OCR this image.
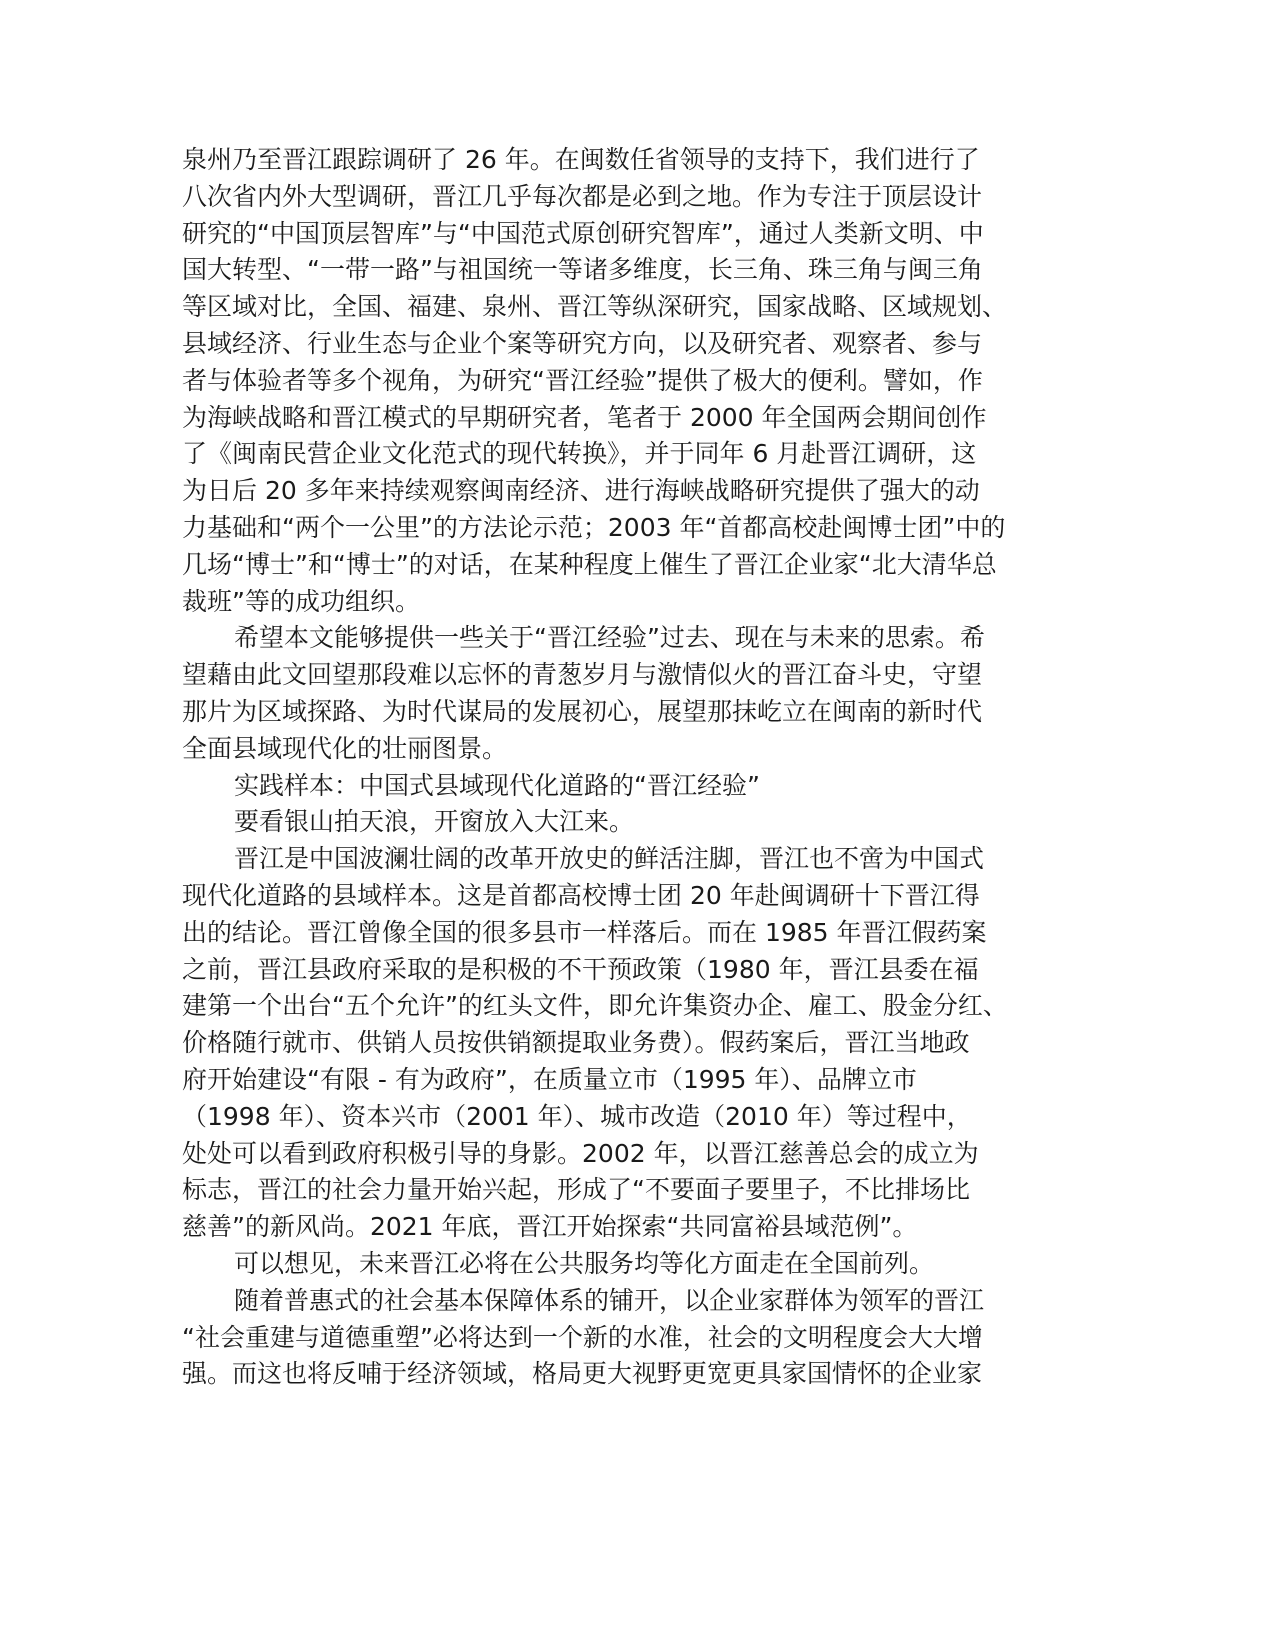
泉州乃至晋江跟踪调研了 26 年。在闽数任省领导的支持下，我们进行了
八次省内外大型调研，晋江几乎每次都是必到之地。作为专注于顶层设计
研究的“中国顶层智库”与“中国范式原创研究智库”，通过人类新文明、中
国大转型、“一带一路”与祖国统一等诸多维度，长三角、珠三角与闽三角
等区域对比，全国、福建、泉州、晋江等纵深研究，国家战略、区域规划、
县域经济、行业生态与企业个案等研究方向，以及研究者、观察者、参与
者与体验者等多个视角，为研究“晋江经验”提供了极大的便利。譬如，作
为海峡战略和晋江模式的早期研究者，笔者于 2000 年全国两会期间创作
了《闽南民营企业文化范式的现代转换》，并于同年 6 月赴晋江调研，这
为日后 20 多年来持续观察闽南经济、进行海峡战略研究提供了强大的动
力基础和“两个一公里”的方法论示范；2003 年“首都高校赴闽博士团”中的
几场“博士”和“博士”的对话，在某种程度上催生了晋江企业家“北大清华总
裁班”等的成功组织。
希望本文能够提供一些关于“晋江经验”过去、现在与未来的思索。希
望藉由此文回望那段难以忘怀的青葱岁月与激情似火的晋江奋斗史，守望
那片为区域探路、为时代谋局的发展初心，展望那抹屹立在闽南的新时代
全面县域现代化的壮丽图景。
实践样本：中国式县域现代化道路的“晋江经验”
要看银山拍天浪，开窗放入大江来。
晋江是中国波澜壮阔的改革开放史的鲜活注脚，晋江也不啻为中国式
现代化道路的县域样本。这是首都高校博士团 20 年赴闽调研十下晋江得
出的结论。晋江曾像全国的很多县市一样落后。而在 1985 年晋江假药案
之前，晋江县政府采取的是积极的不干预政策（1980 年，晋江县委在福
建第一个出台“五个允许”的红头文件，即允许集资办企、雇工、股金分红、
价格随行就市、供销人员按供销额提取业务费）。假药案后，晋江当地政
府开始建设“有限 - 有为政府”，在质量立市（1995 年）、品牌立市
（1998 年）、资本兴市（2001 年）、城市改造（2010 年）等过程中，
处处可以看到政府积极引导的身影。2002 年，以晋江慈善总会的成立为
标志，晋江的社会力量开始兴起，形成了“不要面子要里子，不比排场比
慈善”的新风尚。2021 年底，晋江开始探索“共同富裕县域范例”。
可以想见，未来晋江必将在公共服务均等化方面走在全国前列。
随着普惠式的社会基本保障体系的铺开，以企业家群体为领军的晋江
“社会重建与道德重塑”必将达到一个新的水准，社会的文明程度会大大增
强。而这也将反哺于经济领域，格局更大视野更宽更具家国情怀的企业家
